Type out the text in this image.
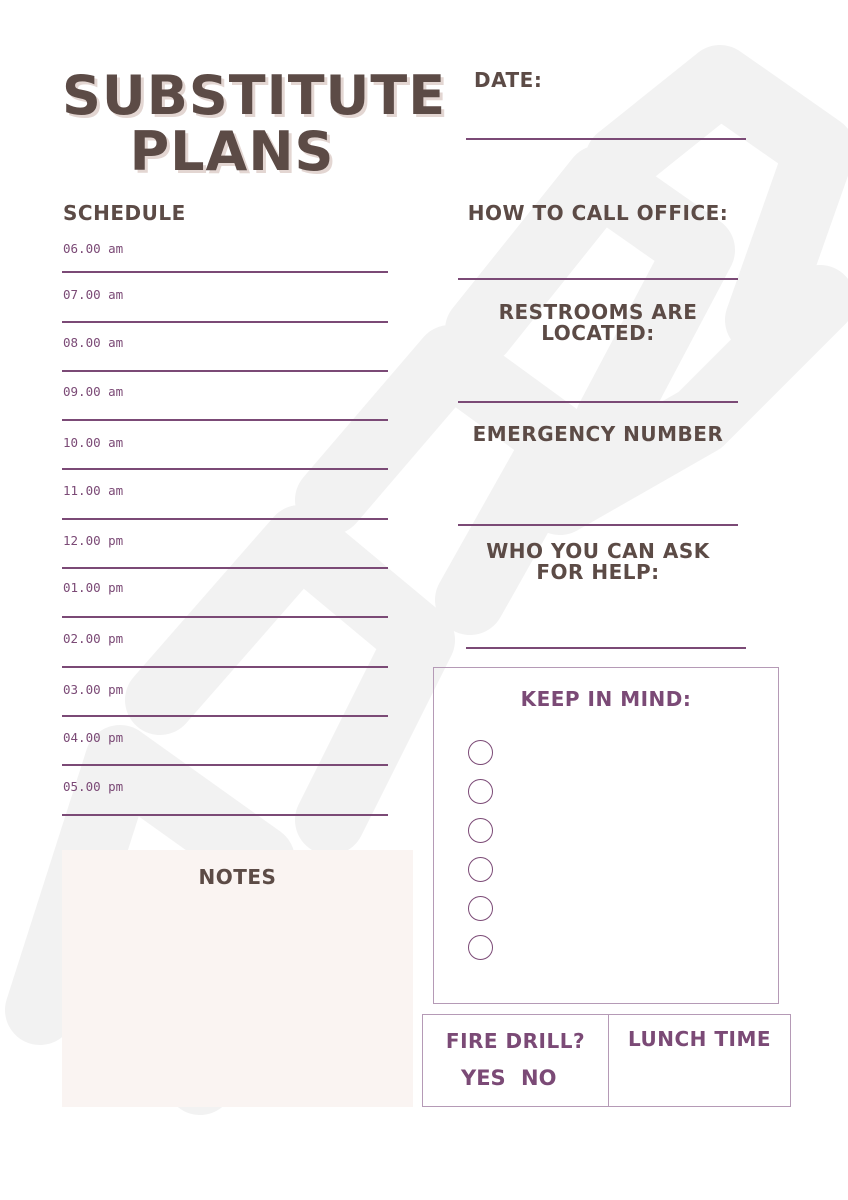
SUBSTITUTE
PLANS
DATE:
SCHEDULE
06.00 am
07.00 am
08.00 am
09.00 am
10.00 am
11.00 am
12.00 pm
01.00 pm
02.00 pm
03.00 pm
04.00 pm
05.00 pm
HOW TO CALL OFFICE:
RESTROOMS ARE
LOCATED:
EMERGENCY NUMBER
WHO YOU CAN ASK
FOR HELP:
KEEP IN MIND:
NOTES
FIRE DRILL?
YES NO
LUNCH TIME
